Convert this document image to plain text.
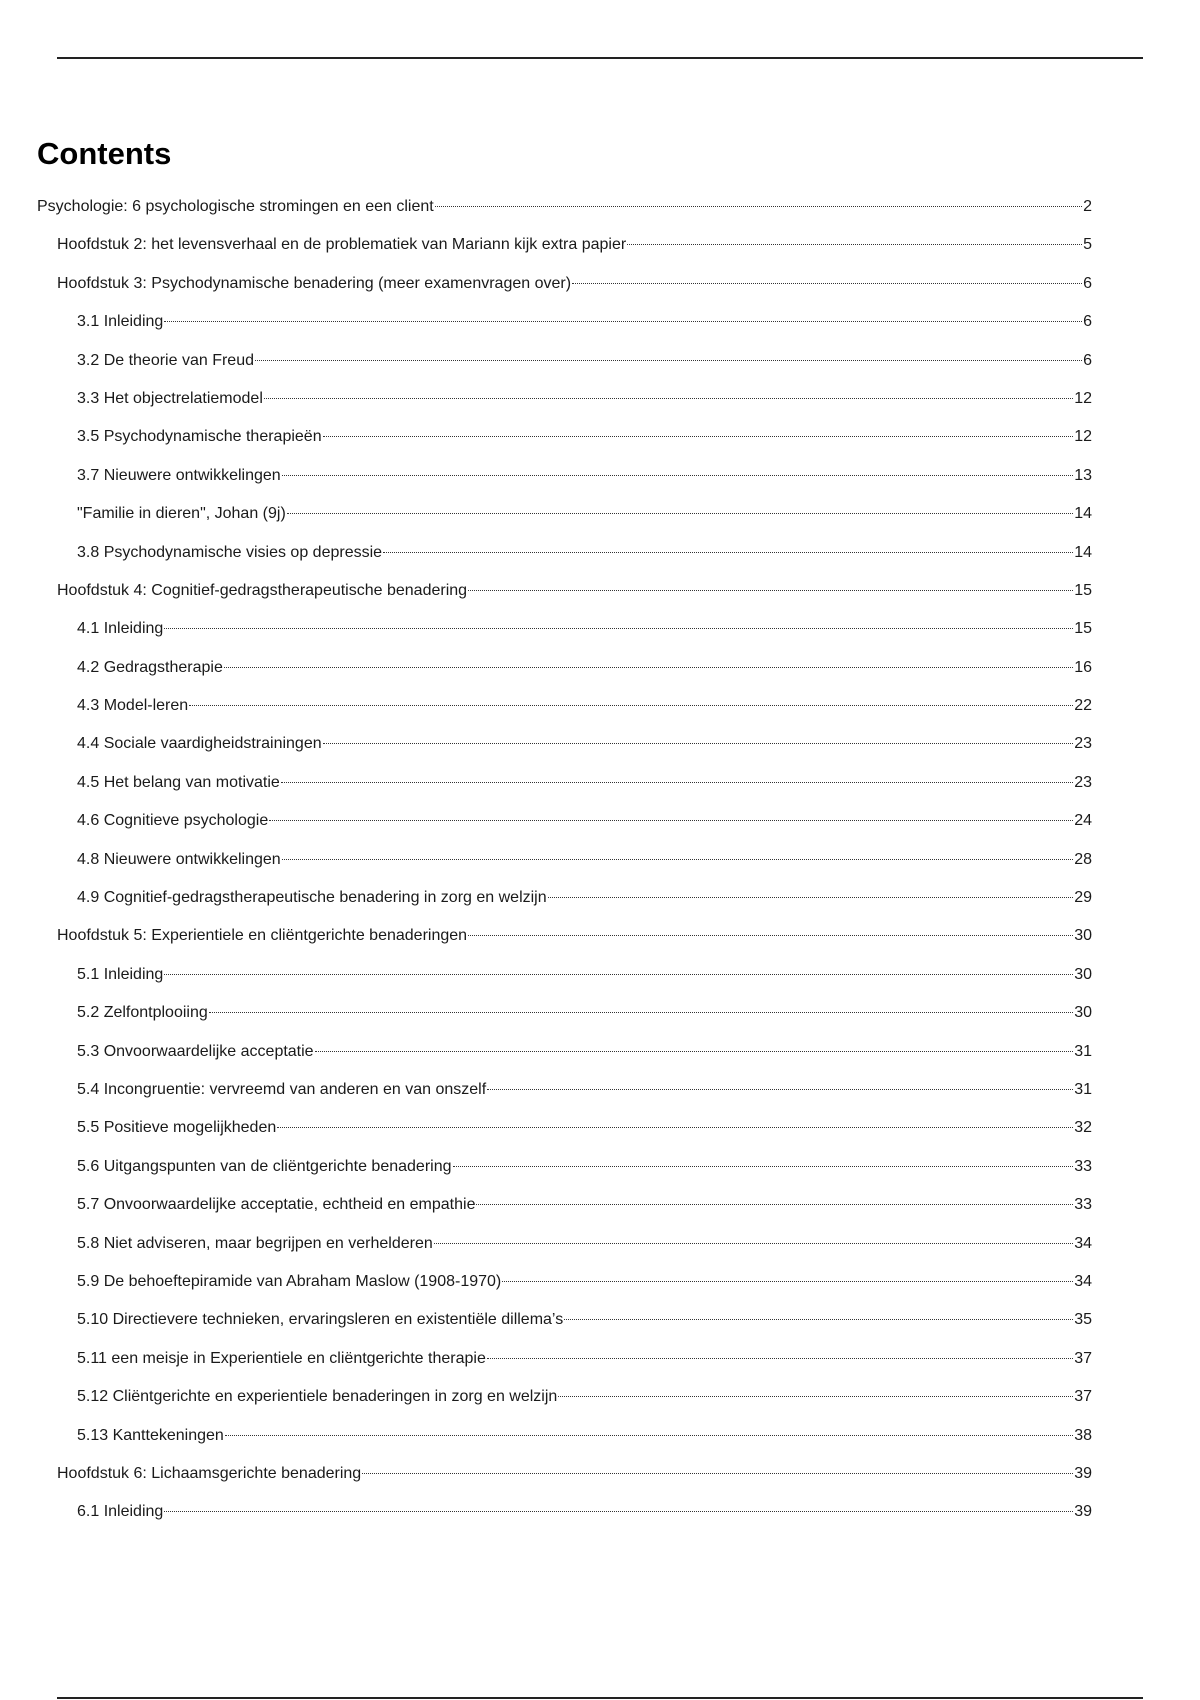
Contents
Psychologie: 6 psychologische stromingen en een client	2
Hoofdstuk 2: het levensverhaal en de problematiek van Mariann kijk extra papier	5
Hoofdstuk 3: Psychodynamische benadering (meer examenvragen over)	6
3.1 Inleiding	6
3.2 De theorie van Freud	6
3.3 Het objectrelatiemodel	12
3.5 Psychodynamische therapieën	12
3.7 Nieuwere ontwikkelingen	13
"Familie in dieren", Johan (9j)	14
3.8 Psychodynamische visies op depressie	14
Hoofdstuk 4: Cognitief-gedragstherapeutische benadering	15
4.1 Inleiding	15
4.2 Gedragstherapie	16
4.3 Model-leren	22
4.4 Sociale vaardigheidstrainingen	23
4.5 Het belang van motivatie	23
4.6 Cognitieve psychologie	24
4.8 Nieuwere ontwikkelingen	28
4.9 Cognitief-gedragstherapeutische benadering in zorg en welzijn	29
Hoofdstuk 5: Experientiele en cliëntgerichte benaderingen	30
5.1 Inleiding	30
5.2 Zelfontplooiing	30
5.3 Onvoorwaardelijke acceptatie	31
5.4 Incongruentie: vervreemd van anderen en van onszelf	31
5.5 Positieve mogelijkheden	32
5.6 Uitgangspunten van de cliëntgerichte benadering	33
5.7 Onvoorwaardelijke acceptatie, echtheid en empathie	33
5.8 Niet adviseren, maar begrijpen en verhelderen	34
5.9 De behoeftepiramide van Abraham Maslow (1908-1970)	34
5.10 Directievere technieken, ervaringsleren en existentiële dillema’s	35
5.11 een meisje in Experientiele en cliëntgerichte therapie	37
5.12 Cliëntgerichte en experientiele benaderingen in zorg en welzijn	37
5.13 Kanttekeningen	38
Hoofdstuk 6: Lichaamsgerichte benadering	39
6.1 Inleiding	39
